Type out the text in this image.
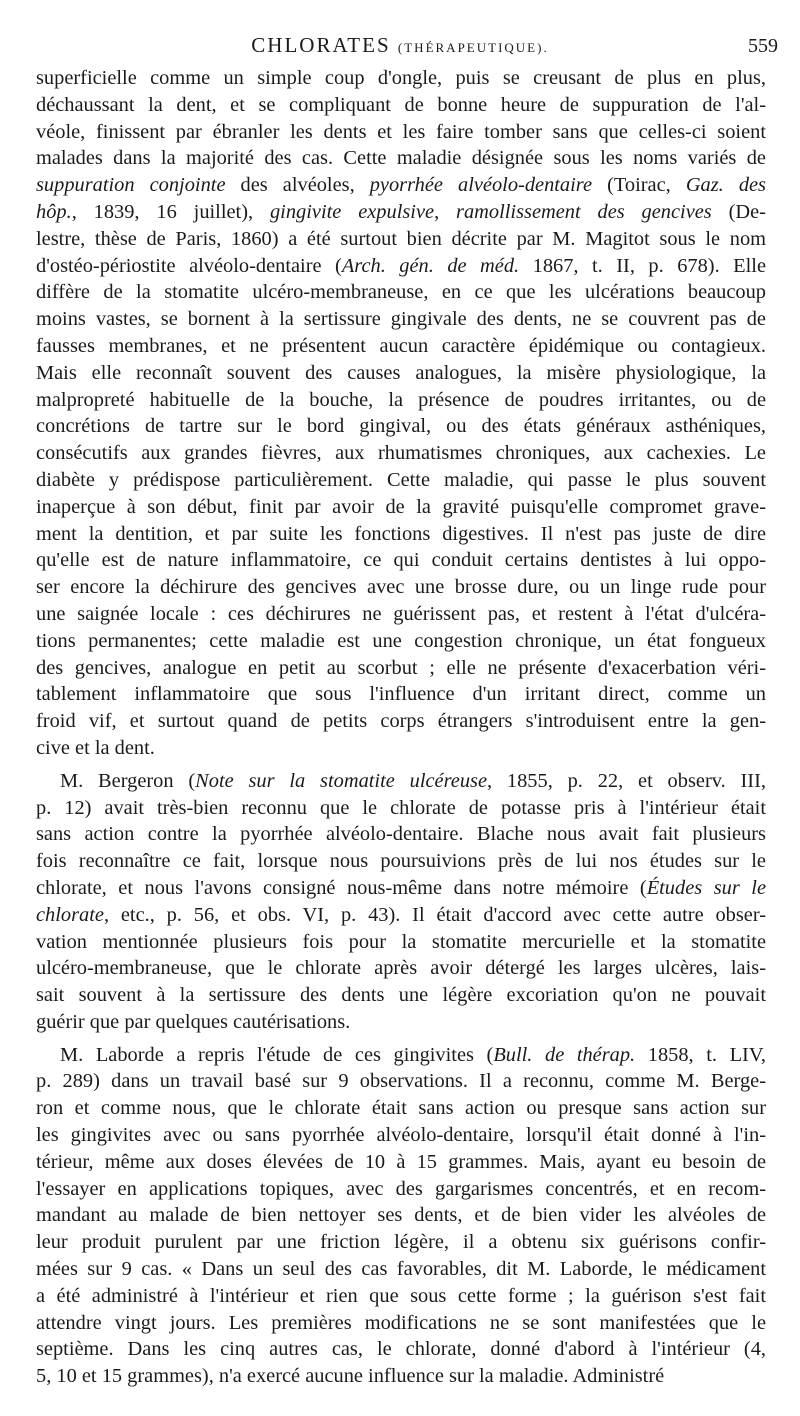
CHLORATES (THÉRAPEUTIQUE).	559
superficielle comme un simple coup d'ongle, puis se creusant de plus en plus,
déchaussant la dent, et se compliquant de bonne heure de suppuration de l'al-
véole, finissent par ébranler les dents et les faire tomber sans que celles-ci soient
malades dans la majorité des cas. Cette maladie désignée sous les noms variés de
suppuration conjointe des alvéoles, pyorrhée alvéolo-dentaire (Toirac, Gaz. des
hôp., 1839, 16 juillet), gingivite expulsive, ramollissement des gencives (De-
lestre, thèse de Paris, 1860) a été surtout bien décrite par M. Magitot sous le nom
d'ostéo-périostite alvéolo-dentaire (Arch. gén. de méd. 1867, t. II, p. 678). Elle
diffère de la stomatite ulcéro-membraneuse, en ce que les ulcérations beaucoup
moins vastes, se bornent à la sertissure gingivale des dents, ne se couvrent pas de
fausses membranes, et ne présentent aucun caractère épidémique ou contagieux.
Mais elle reconnaît souvent des causes analogues, la misère physiologique, la
malpropreté habituelle de la bouche, la présence de poudres irritantes, ou de
concrétions de tartre sur le bord gingival, ou des états généraux asthéniques,
consécutifs aux grandes fièvres, aux rhumatismes chroniques, aux cachexies. Le
diabète y prédispose particulièrement. Cette maladie, qui passe le plus souvent
inaperçue à son début, finit par avoir de la gravité puisqu'elle compromet grave-
ment la dentition, et par suite les fonctions digestives. Il n'est pas juste de dire
qu'elle est de nature inflammatoire, ce qui conduit certains dentistes à lui oppo-
ser encore la déchirure des gencives avec une brosse dure, ou un linge rude pour
une saignée locale : ces déchirures ne guérissent pas, et restent à l'état d'ulcéra-
tions permanentes; cette maladie est une congestion chronique, un état fongueux
des gencives, analogue en petit au scorbut ; elle ne présente d'exacerbation véri-
tablement inflammatoire que sous l'influence d'un irritant direct, comme un
froid vif, et surtout quand de petits corps étrangers s'introduisent entre la gen-
cive et la dent.
M. Bergeron (Note sur la stomatite ulcéreuse, 1855, p. 22, et observ. III,
p. 12) avait très-bien reconnu que le chlorate de potasse pris à l'intérieur était
sans action contre la pyorrhée alvéolo-dentaire. Blache nous avait fait plusieurs
fois reconnaître ce fait, lorsque nous poursuivions près de lui nos études sur le
chlorate, et nous l'avons consigné nous-même dans notre mémoire (Études sur le
chlorate, etc., p. 56, et obs. VI, p. 43). Il était d'accord avec cette autre obser-
vation mentionnée plusieurs fois pour la stomatite mercurielle et la stomatite
ulcéro-membraneuse, que le chlorate après avoir détergé les larges ulcères, lais-
sait souvent à la sertissure des dents une légère excoriation qu'on ne pouvait
guérir que par quelques cautérisations.
M. Laborde a repris l'étude de ces gingivites (Bull. de thérap. 1858, t. LIV,
p. 289) dans un travail basé sur 9 observations. Il a reconnu, comme M. Berge-
ron et comme nous, que le chlorate était sans action ou presque sans action sur
les gingivites avec ou sans pyorrhée alvéolo-dentaire, lorsqu'il était donné à l'in-
térieur, même aux doses élevées de 10 à 15 grammes. Mais, ayant eu besoin de
l'essayer en applications topiques, avec des gargarismes concentrés, et en recom-
mandant au malade de bien nettoyer ses dents, et de bien vider les alvéoles de
leur produit purulent par une friction légère, il a obtenu six guérisons confir-
mées sur 9 cas. « Dans un seul des cas favorables, dit M. Laborde, le médicament
a été administré à l'intérieur et rien que sous cette forme ; la guérison s'est fait
attendre vingt jours. Les premières modifications ne se sont manifestées que le
septième. Dans les cinq autres cas, le chlorate, donné d'abord à l'intérieur (4,
5, 10 et 15 grammes), n'a exercé aucune influence sur la maladie. Administré
